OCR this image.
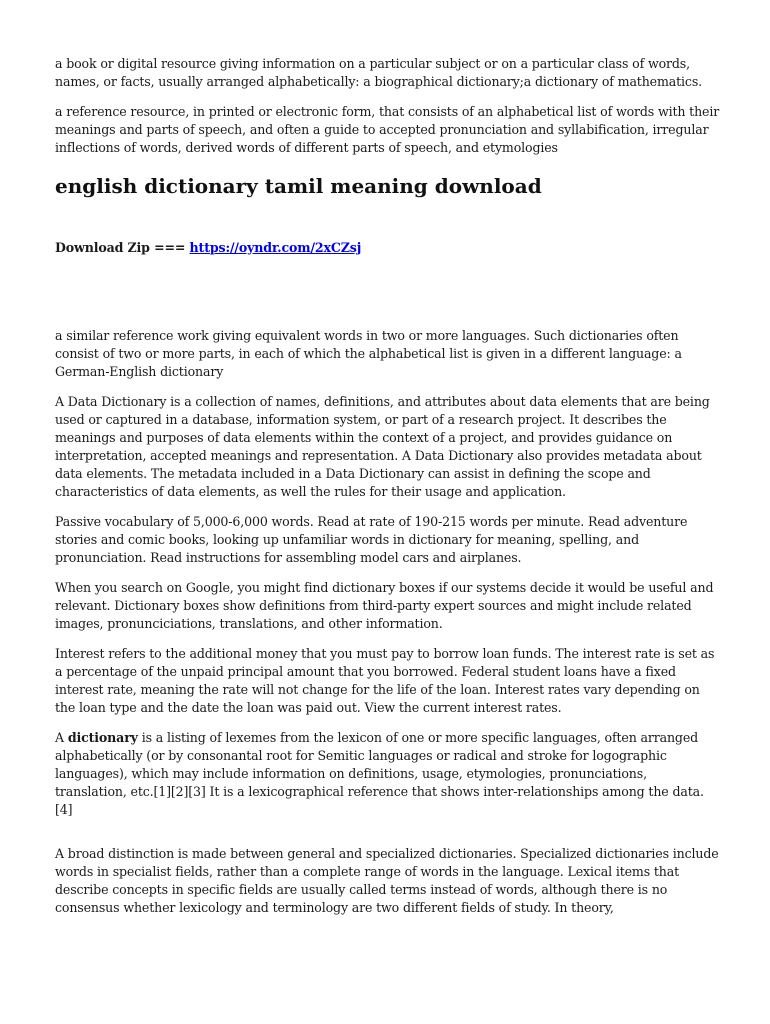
a book or digital resource giving information on a particular subject or on a particular class of words, names, or facts, usually arranged alphabetically: a biographical dictionary;a dictionary of mathematics.

a reference resource, in printed or electronic form, that consists of an alphabetical list of words with their meanings and parts of speech, and often a guide to accepted pronunciation and syllabification, irregular inflections of words, derived words of different parts of speech, and etymologies

english dictionary tamil meaning download

Download Zip === https://oyndr.com/2xCZsj

a similar reference work giving equivalent words in two or more languages. Such dictionaries often consist of two or more parts, in each of which the alphabetical list is given in a different language: a German-English dictionary

A Data Dictionary is a collection of names, definitions, and attributes about data elements that are being used or captured in a database, information system, or part of a research project. It describes the meanings and purposes of data elements within the context of a project, and provides guidance on interpretation, accepted meanings and representation. A Data Dictionary also provides metadata about data elements. The metadata included in a Data Dictionary can assist in defining the scope and characteristics of data elements, as well the rules for their usage and application.

Passive vocabulary of 5,000-6,000 words. Read at rate of 190-215 words per minute. Read adventure stories and comic books, looking up unfamiliar words in dictionary for meaning, spelling, and pronunciation. Read instructions for assembling model cars and airplanes.

When you search on Google, you might find dictionary boxes if our systems decide it would be useful and relevant. Dictionary boxes show definitions from third-party expert sources and might include related images, pronunciciations, translations, and other information.

Interest refers to the additional money that you must pay to borrow loan funds. The interest rate is set as a percentage of the unpaid principal amount that you borrowed. Federal student loans have a fixed interest rate, meaning the rate will not change for the life of the loan. Interest rates vary depending on the loan type and the date the loan was paid out. View the current interest rates.

A dictionary is a listing of lexemes from the lexicon of one or more specific languages, often arranged alphabetically (or by consonantal root for Semitic languages or radical and stroke for logographic languages), which may include information on definitions, usage, etymologies, pronunciations, translation, etc.[1][2][3] It is a lexicographical reference that shows inter-relationships among the data.[4]

A broad distinction is made between general and specialized dictionaries. Specialized dictionaries include words in specialist fields, rather than a complete range of words in the language. Lexical items that describe concepts in specific fields are usually called terms instead of words, although there is no consensus whether lexicology and terminology are two different fields of study. In theory,
